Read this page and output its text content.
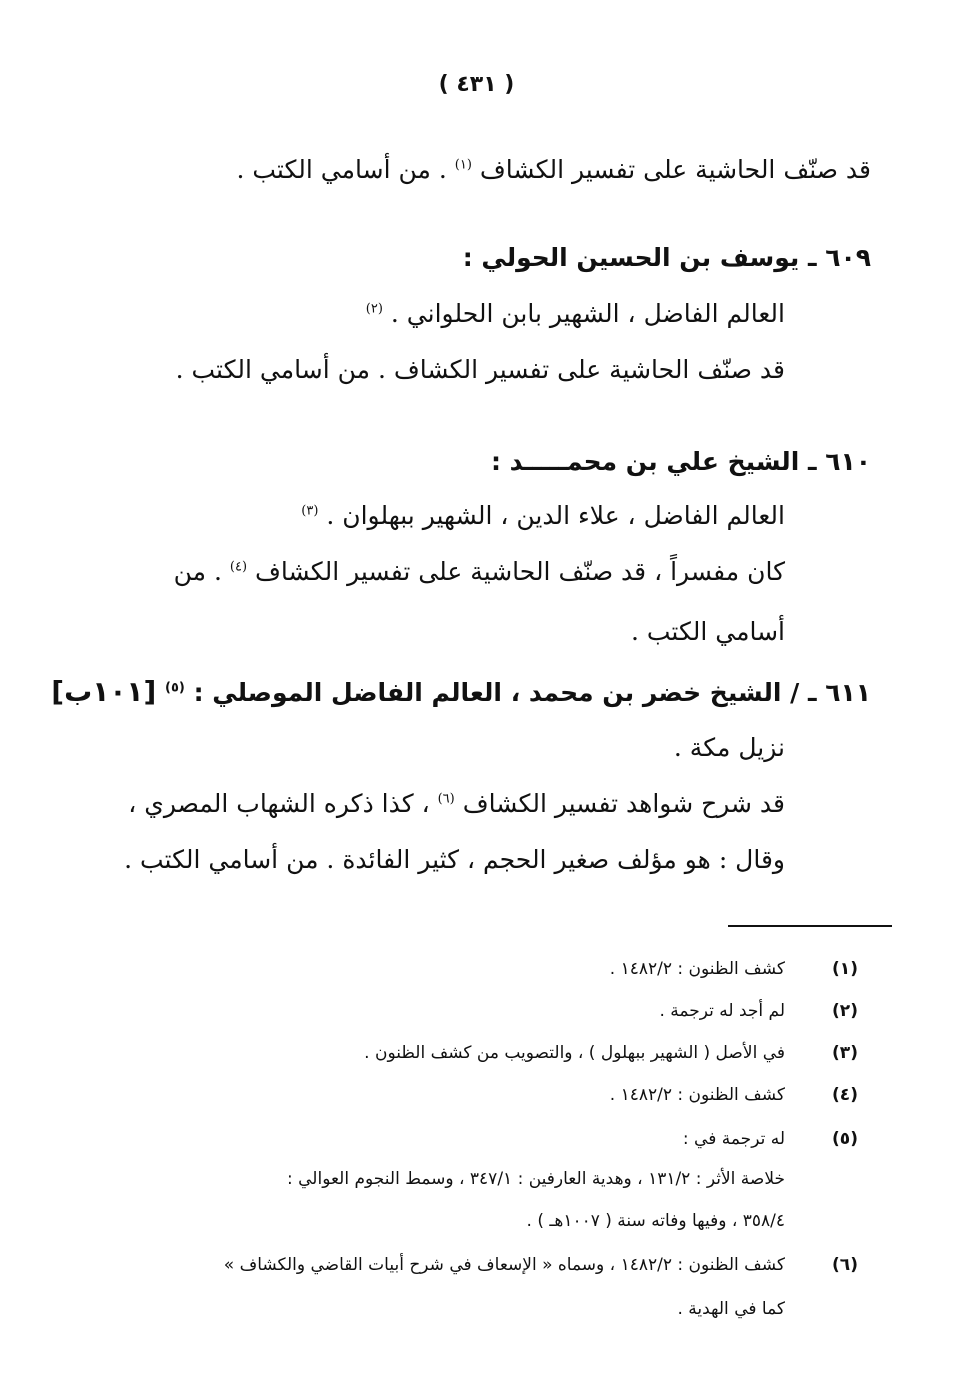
( ٤٣١ )
قد صنّف الحاشية على تفسير الكشاف $^{(١)}$ . من أسامي الكتب .
٦٠٩ ـ يوسف بن الحسين الحولي :
العالم الفاضل ، الشهير بابن الحلواني . $^{(٢)}$
قد صنّف الحاشية على تفسير الكشاف . من أسامي الكتب .
٦١٠ ـ الشيخ علي بن محمـــــد :
العالم الفاضل ، علاء الدين ، الشهير ببهلوان . $^{(٣)}$
كان مفسراً ، قد صنّف الحاشية على تفسير الكشاف $^{(٤)}$ . من
أسامي الكتب .
٦١١ ـ / الشيخ خضر بن محمد ، العالم الفاضل الموصلي : $^{(٥)}$ [١٠١ب]
نزيل مكة .
قد شرح شواهد تفسير الكشاف $^{(٦)}$ ، كذا ذكره الشهاب المصري ،
وقال : هو مؤلف صغير الحجم ، كثير الفائدة . من أسامي الكتب .
(١)
كشف الظنون : ١٤٨٢/٢ .
(٢)
لم أجد له ترجمة .
(٣)
في الأصل ( الشهير ببهلول ) ، والتصويب من كشف الظنون .
(٤)
كشف الظنون : ١٤٨٢/٢ .
(٥)
له ترجمة في :
خلاصة الأثر : ١٣١/٢ ، وهدية العارفين : ٣٤٧/١ ، وسمط النجوم العوالي :
٣٥٨/٤ ، وفيها وفاته سنة ( ١٠٠٧هـ ) .
(٦)
كشف الظنون : ١٤٨٢/٢ ، وسماه « الإسعاف في شرح أبيات القاضي والكشاف »
كما في الهدية .
